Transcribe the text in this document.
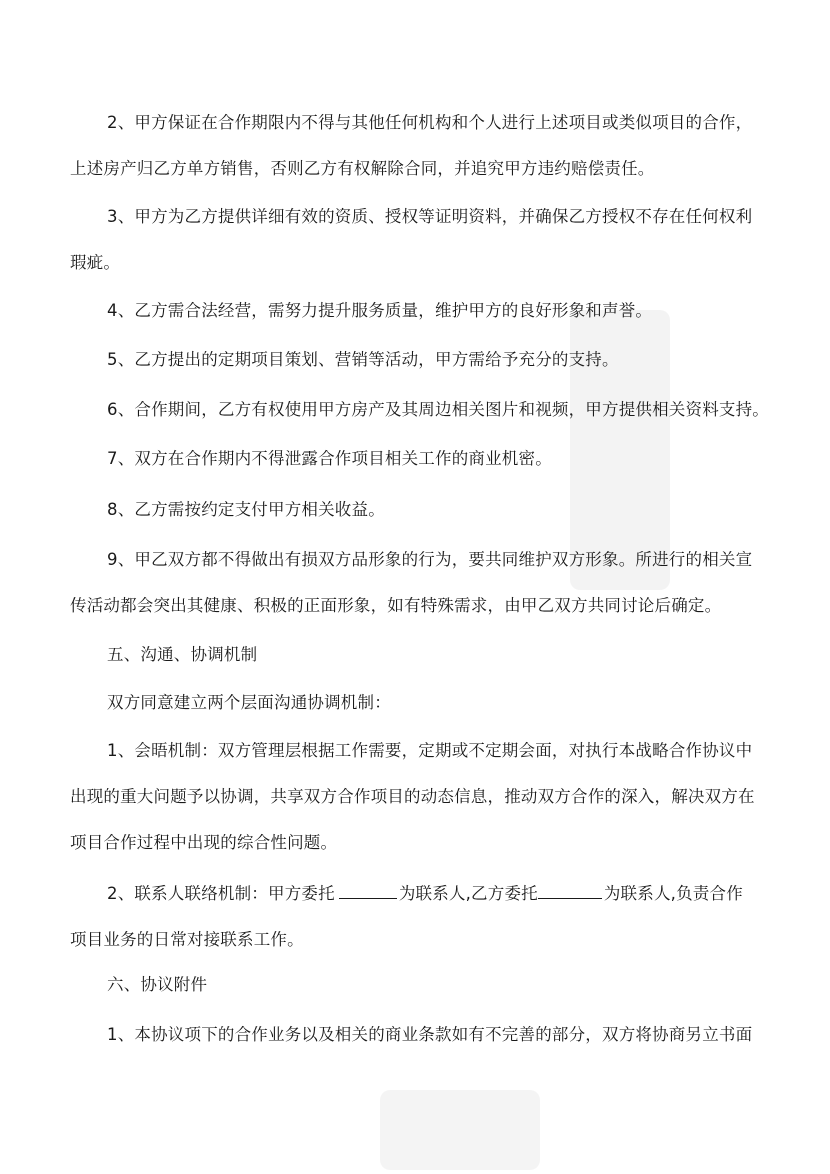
2、甲方保证在合作期限内不得与其他任何机构和个人进行上述项目或类似项目的合作，
上述房产归乙方单方销售，否则乙方有权解除合同，并追究甲方违约赔偿责任。
3、甲方为乙方提供详细有效的资质、授权等证明资料，并确保乙方授权不存在任何权利
瑕疵。
4、乙方需合法经营，需努力提升服务质量，维护甲方的良好形象和声誉。
5、乙方提出的定期项目策划、营销等活动，甲方需给予充分的支持。
6、合作期间，乙方有权使用甲方房产及其周边相关图片和视频，甲方提供相关资料支持。
7、双方在合作期内不得泄露合作项目相关工作的商业机密。
8、乙方需按约定支付甲方相关收益。
9、甲乙双方都不得做出有损双方品形象的行为，要共同维护双方形象。所进行的相关宣
传活动都会突出其健康、积极的正面形象，如有特殊需求，由甲乙双方共同讨论后确定。
五、沟通、协调机制
双方同意建立两个层面沟通协调机制：
1、会晤机制：双方管理层根据工作需要，定期或不定期会面，对执行本战略合作协议中
出现的重大问题予以协调，共享双方合作项目的动态信息，推动双方合作的深入，解决双方在
项目合作过程中出现的综合性问题。
2、联系人联络机制：甲方委托	为联系人,乙方委托	为联系人,负责合作
项目业务的日常对接联系工作。
六、协议附件
1、本协议项下的合作业务以及相关的商业条款如有不完善的部分，双方将协商另立书面
